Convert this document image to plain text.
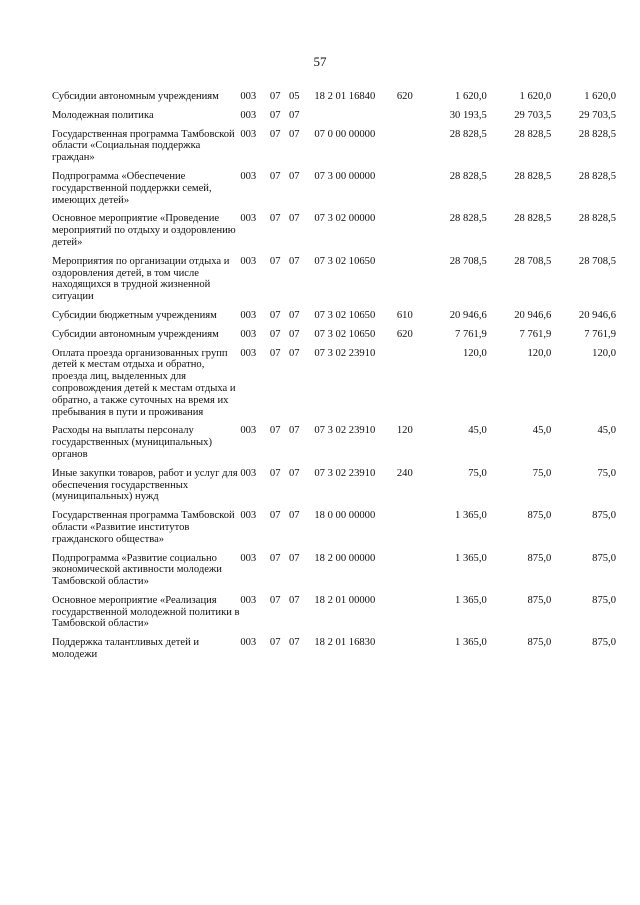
57
Субсидии автономным учреждениям	003	07	05	18 2 01 16840	620	1 620,0	1 620,0	1 620,0
Молодежная политика	003	07	07			30 193,5	29 703,5	29 703,5
Государственная программа Тамбовской области «Социальная поддержка граждан»	003	07	07	07 0 00 00000		28 828,5	28 828,5	28 828,5
Подпрограмма «Обеспечение государственной поддержки семей, имеющих детей»	003	07	07	07 3 00 00000		28 828,5	28 828,5	28 828,5
Основное мероприятие «Проведение мероприятий по отдыху и оздоровлению детей»	003	07	07	07 3 02 00000		28 828,5	28 828,5	28 828,5
Мероприятия по организации отдыха и оздоровления детей, в том числе находящихся в трудной жизненной ситуации	003	07	07	07 3 02 10650		28 708,5	28 708,5	28 708,5
Субсидии бюджетным учреждениям	003	07	07	07 3 02 10650	610	20 946,6	20 946,6	20 946,6
Субсидии автономным учреждениям	003	07	07	07 3 02 10650	620	7 761,9	7 761,9	7 761,9
Оплата проезда организованных групп детей к местам отдыха и обратно, проезда лиц, выделенных для сопровождения детей к местам отдыха и обратно, а также суточных на время их пребывания в пути и проживания	003	07	07	07 3 02 23910		120,0	120,0	120,0
Расходы на выплаты персоналу государственных (муниципальных) органов	003	07	07	07 3 02 23910	120	45,0	45,0	45,0
Иные закупки товаров, работ и услуг для обеспечения государственных (муниципальных) нужд	003	07	07	07 3 02 23910	240	75,0	75,0	75,0
Государственная программа Тамбовской области «Развитие институтов гражданского общества»	003	07	07	18 0 00 00000		1 365,0	875,0	875,0
Подпрограмма «Развитие социально экономической активности молодежи Тамбовской области»	003	07	07	18 2 00 00000		1 365,0	875,0	875,0
Основное мероприятие «Реализация государственной молодежной политики в Тамбовской области»	003	07	07	18 2 01 00000		1 365,0	875,0	875,0
Поддержка талантливых детей и молодежи	003	07	07	18 2 01 16830		1 365,0	875,0	875,0
